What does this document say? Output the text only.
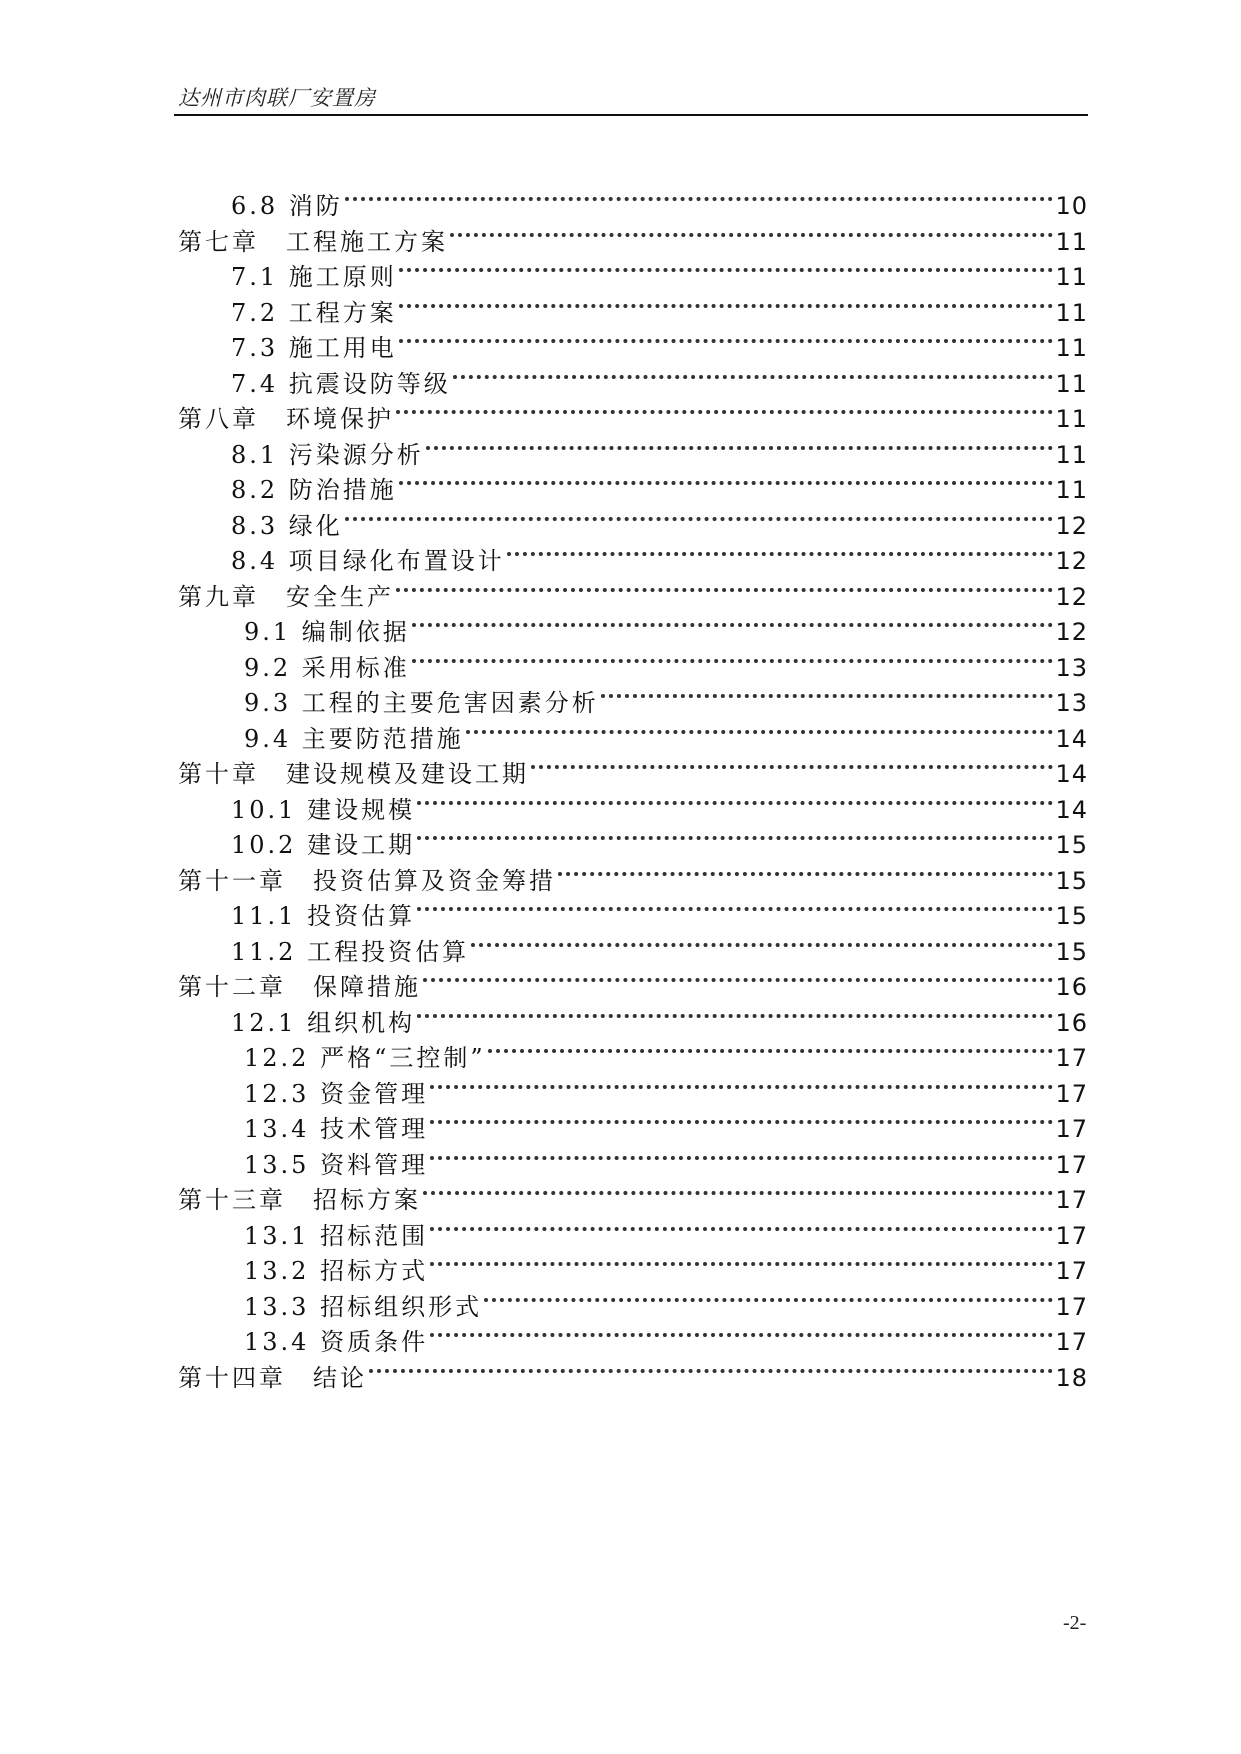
达州市肉联厂安置房
6.8 消防	10
第七章　工程施工方案	11
7.1 施工原则	11
7.2 工程方案	11
7.3 施工用电	11
7.4 抗震设防等级	11
第八章　环境保护	11
8.1 污染源分析	11
8.2 防治措施	11
8.3 绿化	12
8.4 项目绿化布置设计	12
第九章　安全生产	12
9.1 编制依据	12
9.2 采用标准	13
9.3 工程的主要危害因素分析	13
9.4 主要防范措施	14
第十章　建设规模及建设工期	14
10.1 建设规模	14
10.2 建设工期	15
第十一章　投资估算及资金筹措	15
11.1 投资估算	15
11.2 工程投资估算	15
第十二章　保障措施	16
12.1 组织机构	16
12.2 严格“三控制”	17
12.3 资金管理	17
13.4 技术管理	17
13.5 资料管理	17
第十三章　招标方案	17
13.1 招标范围	17
13.2 招标方式	17
13.3 招标组织形式	17
13.4 资质条件	17
第十四章　结论	18
-2-
